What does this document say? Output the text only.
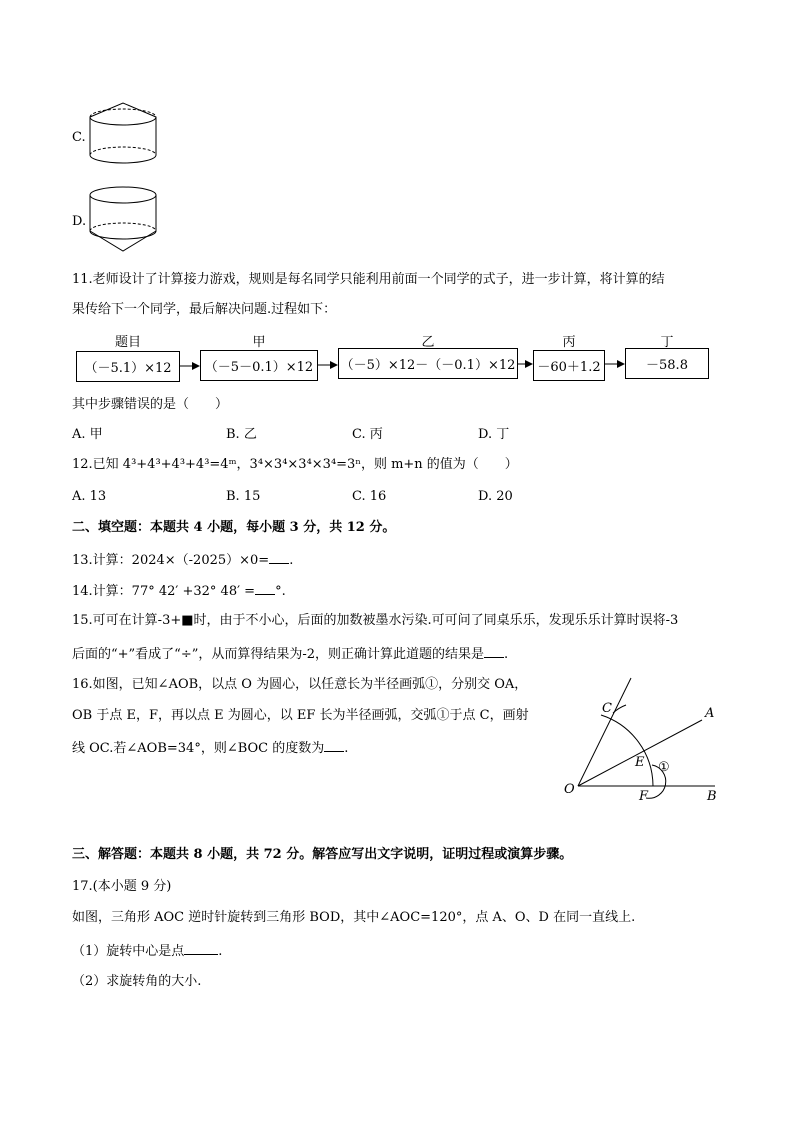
C.
D.
11.老师设计了计算接力游戏，规则是每名同学只能利用前面一个同学的式子，进一步计算，将计算的结
果传给下一个同学，最后解决问题.过程如下：
题目	甲	乙	丙	丁
（－5.1）×12	（－5－0.1）×12	（－5）×12－（－0.1）×12	－60＋1.2	－58.8
其中步骤错误的是（　　）
A. 甲	B. 乙	C. 丙	D. 丁
12.已知 4³+4³+4³+4³=4ᵐ，3⁴×3⁴×3⁴×3⁴=3ⁿ，则 m+n 的值为（　　）
A. 13	B. 15	C. 16	D. 20
二、填空题：本题共 4 小题，每小题 3 分，共 12 分。
13.计算：2024×（-2025）×0= .
14.计算：77° 42′ +32° 48′ = °.
15.可可在计算-3+■时，由于不小心，后面的加数被墨水污染.可可问了同桌乐乐，发现乐乐计算时误将-3
后面的“+”看成了“÷”，从而算得结果为-2，则正确计算此道题的结果是 .
16.如图，已知∠AOB，以点 O 为圆心，以任意长为半径画弧①，分别交 OA，
OB 于点 E，F，再以点 E 为圆心，以 EF 长为半径画弧，交弧①于点 C，画射
线 OC.若∠AOB=34°，则∠BOC 的度数为 .
C	A
E ①
O	F	B
三、解答题：本题共 8 小题，共 72 分。解答应写出文字说明，证明过程或演算步骤。
17.(本小题 9 分)
如图，三角形 AOC 逆时针旋转到三角形 BOD，其中∠AOC=120°，点 A、O、D 在同一直线上.
（1）旋转中心是点	.
（2）求旋转角的大小.
